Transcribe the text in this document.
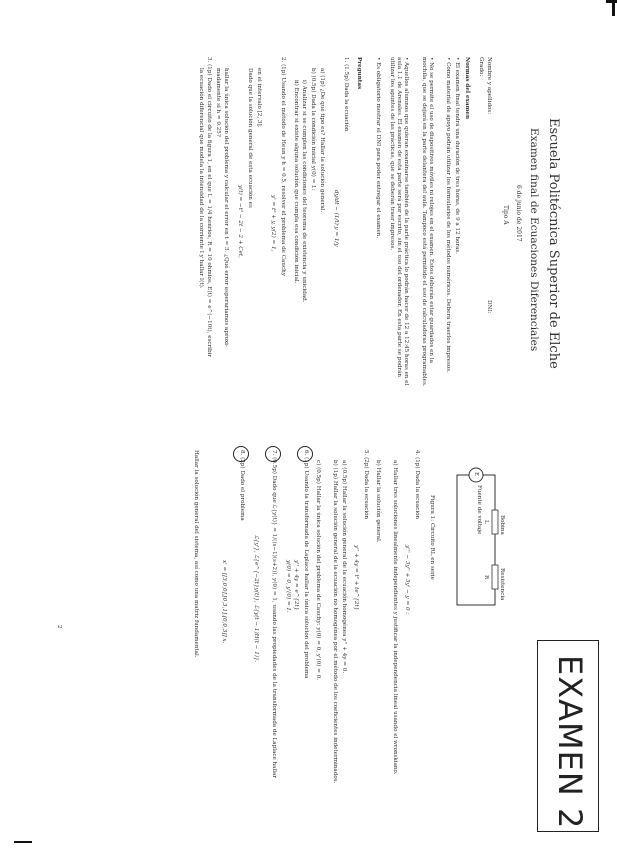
Escuela Politécnica Superior de Elche
Examen final de Ecuaciones Diferenciales
6 de junio de 2017
Tipo A
Nombre y apellidos:
Grado:
DNI:
Normas del examen
• El examen final tendrá una duración de tres horas, de 9 a 12 horas.
• Como material de apoyo podrán utilizar los formularios de los métodos numéricos. Deberá traerlos impresos.
• No se permite el uso de dispositivos móviles ni relojes en el examen. Éstos deberán estar guardados en la mochila, que se dejará en la parte delantera del aula. Tampoco está permitido el uso de calculadoras programables.
• Aquellos alumnos que quieran examinarse también de la parte práctica lo podrán hacer de 12 a 12:45 horas en el aula 1.1 de Arenales. El examen de esta parte será por escrito, sin el uso del ordenador. En esta parte se podrán utilizar los apuntes de las prácticas, que se deberán traer impresos.
• Es obligatorio mostrar el DNI para poder entregar el examen.
Preguntas
1. (1.5p) Dada la ecuación
dy/dt − (1/t)·y = 1/y
a) (1p) ¿De qué tipo es? Hallar la solución general.
b) (0.5p) Dada la condición inicial y(0) = 1:
i) Analizar si se cumplen las condiciones del teorema de existencia y unicidad.
ii) Encontrar si existe alguna solución que cumpla esa condición inicial.
2. (1p) Usando el método de Heun y h = 0.5, resolver el problema de Cauchy
y' = t² + y, y(2) = 1,
en el intervalo [2, 3].
Dado que la solución general de esta ecuación es
y(t) = −t² − 2t − 2 + Cet,
hallar la única solución del problema y calcular el error en t = 3. ¿Qué error esperaríamos aproxi-
madamente si h = 0.25?
3. (1p) Dado el circuito de la figura 1, en el que L = 1/4 henrios, R = 10 ohmios, E(t) = e^(−10t), escribir
la ecuación diferencial que modela la intensidad de la corriente I y hallar I(t).
2
Fuente de voltaje
E
Bobina
L
Resistencia
R
Figura 1: Circuito RL en serie
4. (1p) Dada la ecuación
y''' − 3y'' + 3y' − y = 0 :
a) Hallar tres soluciones linealmente independientes y justificar la independencia lineal usando el wronskiano.
b) Hallar la solución general.
5. (2p) Dada la ecuación
y'' + 4y = t² + te^{2t}
a) (0.5p) Hallar la solución general de la ecuación homogénea y'' + 4y = 0.
b) (1p) Hallar la solución general de la ecuación no homogénea por el método de los coeficientes indeterminados.
c) (0.5p) Hallar la única solución del problema de Cauchy: y(0) = 0, y'(0) = 0.
6. (1p) Usando la transformada de Laplace hallar la única solución del problema
y'' + 4y = e^{2t}
y(0) = 0, y'(0) = 1.
7. (0.5p) Dado que ℒ{y(t)} = 1/((s−1)(s+2)), y(0) = 1, usando las propiedades de la transformada de Laplace hallar
ℒ{y'}, ℒ{e^{−2t}y(t)}, ℒ{y(t − 1)H(t − 1)}.
8. (2p) Dado el problema
x' = [[3,0,0],[0,3,1],[0,0,3]] x.
Hallar la solución general del sistema, así como una matriz fundamental.
EXAMEN 2
